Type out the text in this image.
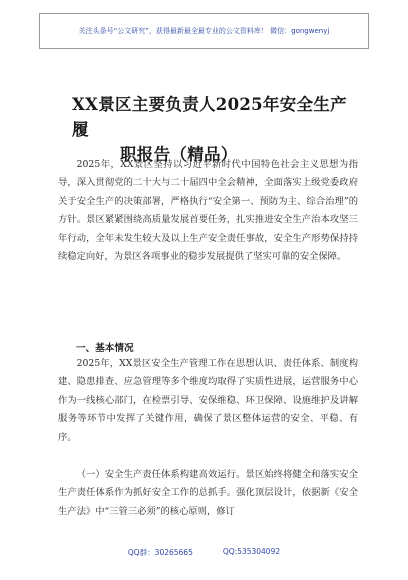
关注头条号“公文研究”，获得最新最全最专业的公文资料库！ 微信：gongwenyj
XX景区主要负责人2025年安全生产履
职报告（精品）

2025年，XX景区坚持以习近平新时代中国特色社会主义思想为指导，深入贯彻党的二十大与二十届四中全会精神，全面落实上级党委政府关于安全生产的决策部署，严格执行“安全第一、预防为主、综合治理”的方针。景区紧紧围绕高质量发展首要任务，扎实推进安全生产治本攻坚三年行动，全年未发生较大及以上生产安全责任事故，安全生产形势保持持续稳定向好，为景区各项事业的稳步发展提供了坚实可靠的安全保障。

一、基本情况

2025年，XX景区安全生产管理工作在思想认识、责任体系、制度构建、隐患排查、应急管理等多个维度均取得了实质性进展，运营服务中心作为一线核心部门，在检票引导、安保维稳、环卫保障、设施维护及讲解服务等环节中发挥了关键作用，确保了景区整体运营的安全、平稳、有序。

（一）安全生产责任体系构建高效运行。景区始终将健全和落实安全生产责任体系作为抓好安全工作的总抓手。强化顶层设计，依据新《安全生产法》中“三管三必须”的核心原则，修订

QQ群：30265665	QQ:535304092
